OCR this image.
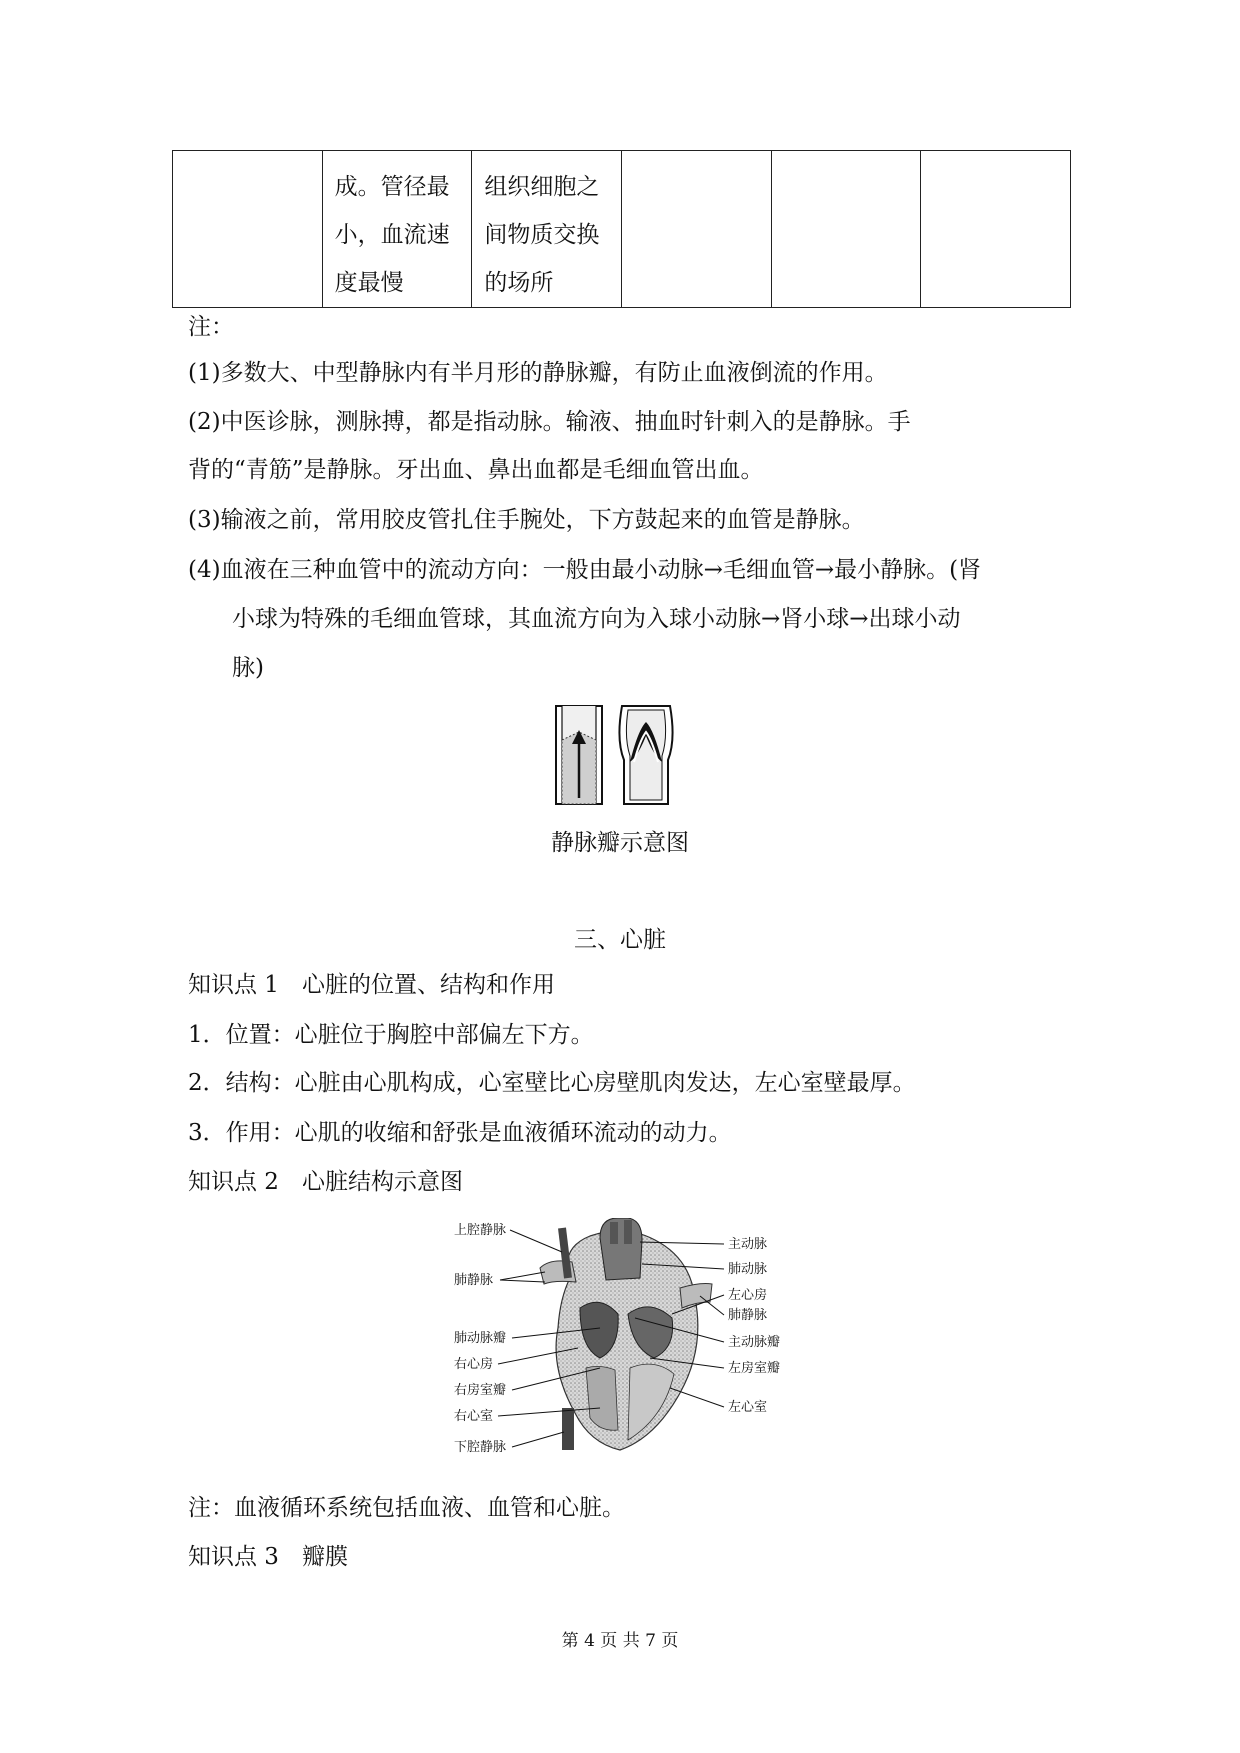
	成。管径最小，血流速度最慢	组织细胞之间物质交换的场所			
注：
(1)多数大、中型静脉内有半月形的静脉瓣，有防止血液倒流的作用。
(2)中医诊脉，测脉搏，都是指动脉。输液、抽血时针刺入的是静脉。手
背的“青筋”是静脉。牙出血、鼻出血都是毛细血管出血。
(3)输液之前，常用胶皮管扎住手腕处，下方鼓起来的血管是静脉。
(4)血液在三种血管中的流动方向：一般由最小动脉→毛细血管→最小静脉。(肾
小球为特殊的毛细血管球，其血流方向为入球小动脉→肾小球→出球小动
脉)
静脉瓣示意图
三、心脏
知识点 1　心脏的位置、结构和作用
1．位置：心脏位于胸腔中部偏左下方。
2．结构：心脏由心肌构成，心室壁比心房壁肌肉发达，左心室壁最厚。
3．作用：心肌的收缩和舒张是血液循环流动的动力。
知识点 2　心脏结构示意图
上腔静脉
肺静脉
肺动脉瓣
右心房
右房室瓣
右心室
下腔静脉
主动脉
肺动脉
左心房
肺静脉
主动脉瓣
左房室瓣
左心室
注：血液循环系统包括血液、血管和心脏。
知识点 3　瓣膜
第 4 页 共 7 页
